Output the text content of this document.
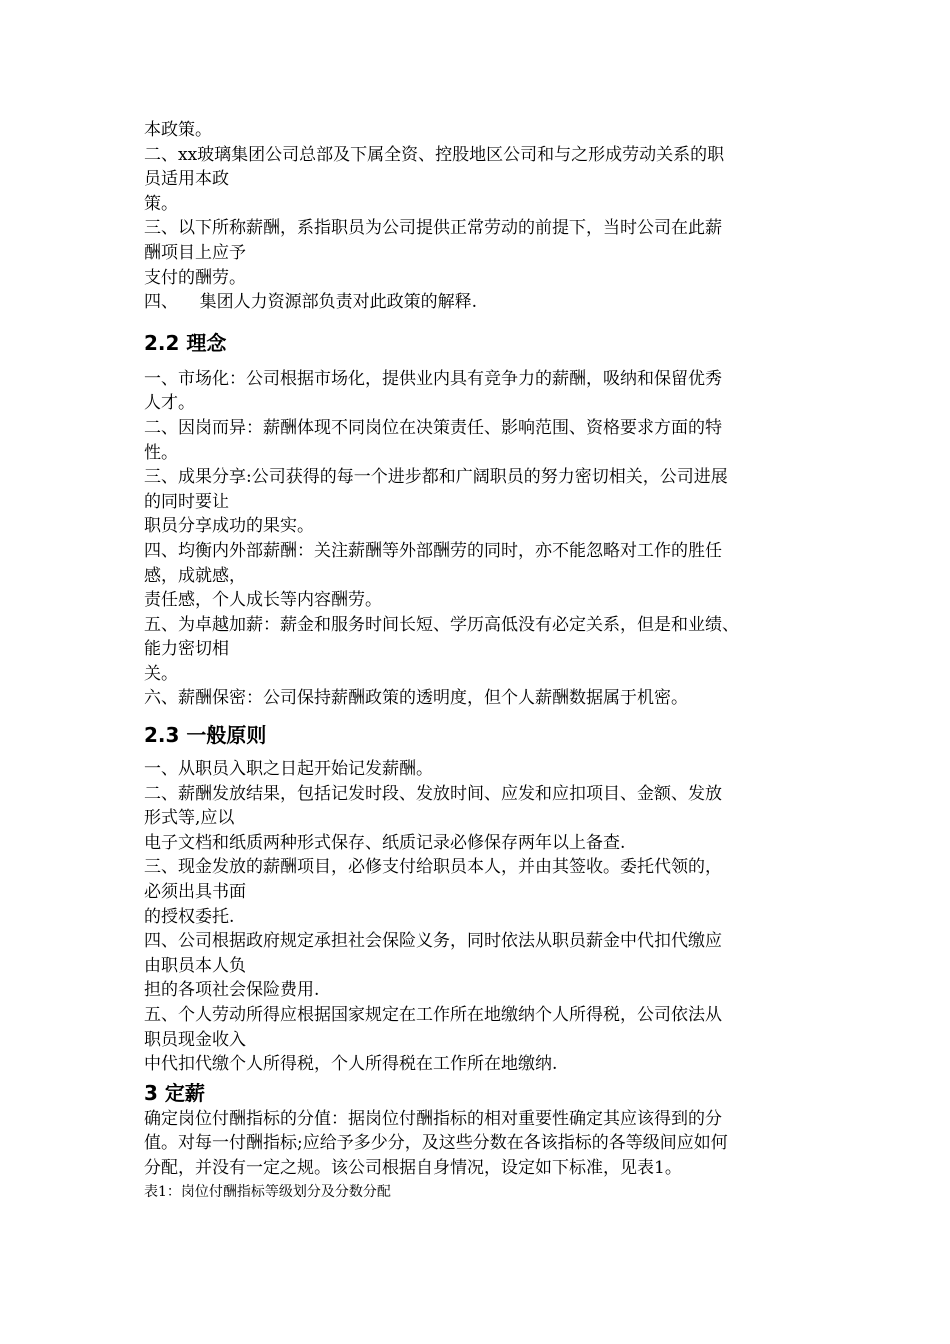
本政策。

二、xx玻璃集团公司总部及下属全资、控股地区公司和与之形成劳动关系的职

员适用本政

策。

三、以下所称薪酬，系指职员为公司提供正常劳动的前提下，当时公司在此薪

酬项目上应予

支付的酬劳。

四、    集团人力资源部负责对此政策的解释.

2.2 理念

一、市场化：公司根据市场化，提供业内具有竞争力的薪酬，吸纳和保留优秀

人才。

二、因岗而异：薪酬体现不同岗位在决策责任、影响范围、资格要求方面的特

性。

三、成果分享:公司获得的每一个进步都和广阔职员的努力密切相关，公司进展

的同时要让

职员分享成功的果实。

四、均衡内外部薪酬：关注薪酬等外部酬劳的同时，亦不能忽略对工作的胜任

感，成就感，

责任感，个人成长等内容酬劳。

五、为卓越加薪：薪金和服务时间长短、学历高低没有必定关系，但是和业绩、

能力密切相

关。

六、薪酬保密：公司保持薪酬政策的透明度，但个人薪酬数据属于机密。

2.3 一般原则

一、从职员入职之日起开始记发薪酬。

二、薪酬发放结果，包括记发时段、发放时间、应发和应扣项目、金额、发放

形式等,应以

电子文档和纸质两种形式保存、纸质记录必修保存两年以上备查.

三、现金发放的薪酬项目，必修支付给职员本人，并由其签收。委托代领的，

必须出具书面

的授权委托.

四、公司根据政府规定承担社会保险义务，同时依法从职员薪金中代扣代缴应

由职员本人负

担的各项社会保险费用.

五、个人劳动所得应根据国家规定在工作所在地缴纳个人所得税，公司依法从

职员现金收入

中代扣代缴个人所得税，个人所得税在工作所在地缴纳.

3 定薪

确定岗位付酬指标的分值：据岗位付酬指标的相对重要性确定其应该得到的分

值。对每一付酬指标;应给予多少分，及这些分数在各该指标的各等级间应如何

分配，并没有一定之规。该公司根据自身情况，设定如下标准，见表1。

表1：岗位付酬指标等级划分及分数分配
